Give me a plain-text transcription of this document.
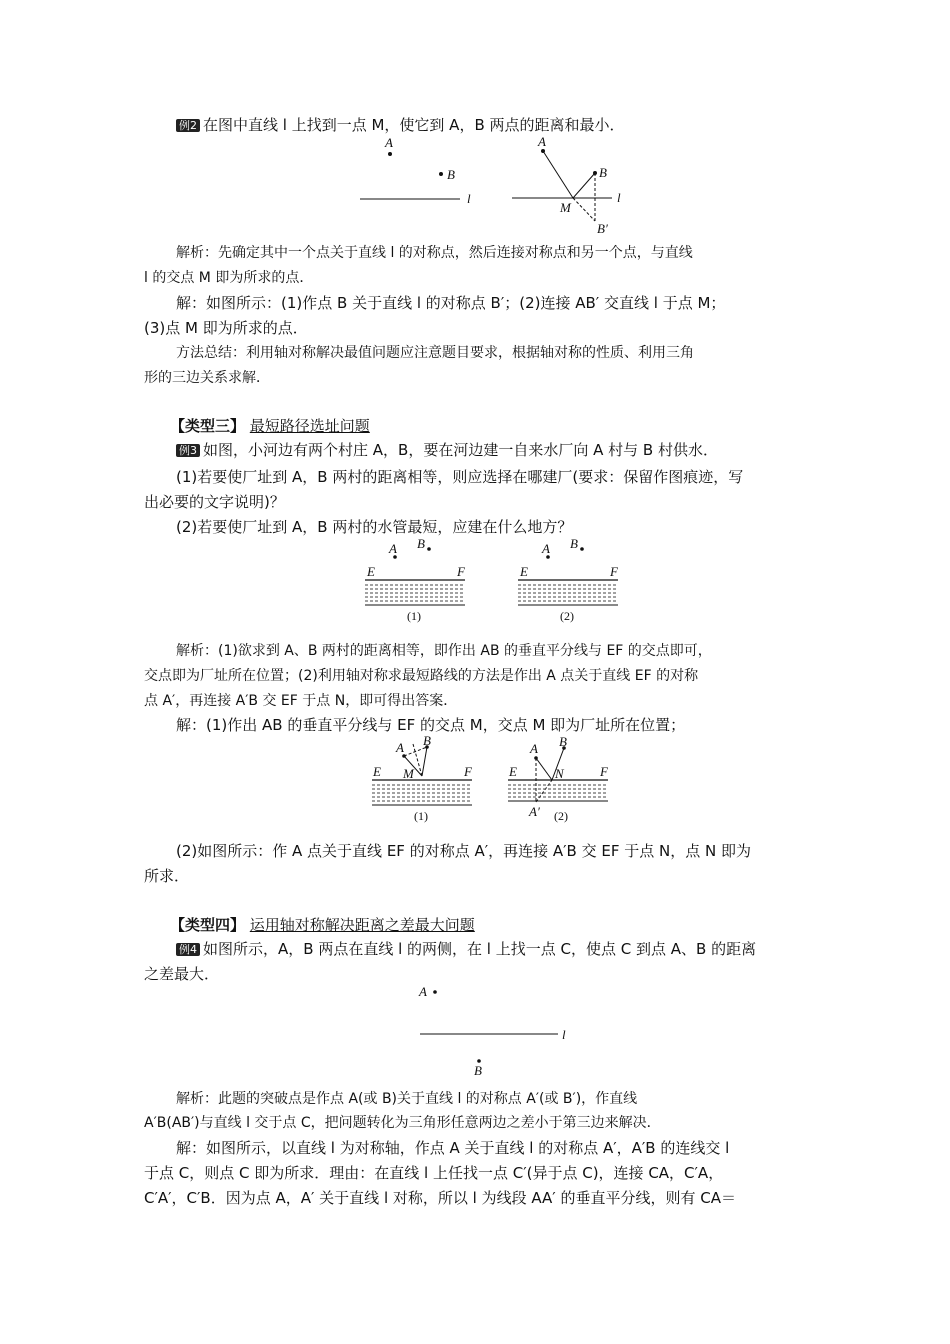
例2 在图中直线 l 上找到一点 M，使它到 A，B 两点的距离和最小．
A
B
l	l
A
B
M
B′
解析：先确定其中一个点关于直线 l 的对称点，然后连接对称点和另一个点，与直线
l 的交点 M 即为所求的点．
解：如图所示：(1)作点 B 关于直线 l 的对称点 B′；(2)连接 AB′ 交直线 l 于点 M；
(3)点 M 即为所求的点．
方法总结：利用轴对称解决最值问题应注意题目要求，根据轴对称的性质、利用三角
形的三边关系求解．
【类型三】 最短路径选址问题
例3 如图，小河边有两个村庄 A，B，要在河边建一自来水厂向 A 村与 B 村供水．
(1)若要使厂址到 A，B 两村的距离相等，则应选择在哪建厂(要求：保留作图痕迹，写
出必要的文字说明)？
(2)若要使厂址到 A，B 两村的水管最短，应建在什么地方？
A B
E	F
(1)
A B
E	F
(2)
解析：(1)欲求到 A、B 两村的距离相等，即作出 AB 的垂直平分线与 EF 的交点即可，
交点即为厂址所在位置；(2)利用轴对称求最短路线的方法是作出 A 点关于直线 EF 的对称
点 A′，再连接 A′B 交 EF 于点 N，即可得出答案．
解：(1)作出 AB 的垂直平分线与 EF 的交点 M，交点 M 即为厂址所在位置；
A B
M
E	F
(1)
A B
N
E	F
A′ (2)
(2)如图所示：作 A 点关于直线 EF 的对称点 A′，再连接 A′B 交 EF 于点 N，点 N 即为
所求．
【类型四】 运用轴对称解决距离之差最大问题
例4 如图所示，A，B 两点在直线 l 的两侧，在 l 上找一点 C，使点 C 到点 A、B 的距离
之差最大．
A
l
B
解析：此题的突破点是作点 A(或 B)关于直线 l 的对称点 A′(或 B′)，作直线
A′B(AB′)与直线 l 交于点 C，把问题转化为三角形任意两边之差小于第三边来解决．
解：如图所示，以直线 l 为对称轴，作点 A 关于直线 l 的对称点 A′，A′B 的连线交 l
于点 C，则点 C 即为所求．理由：在直线 l 上任找一点 C′(异于点 C)，连接 CA，C′A，
C′A′，C′B．因为点 A，A′ 关于直线 l 对称，所以 l 为线段 AA′ 的垂直平分线，则有 CA＝
